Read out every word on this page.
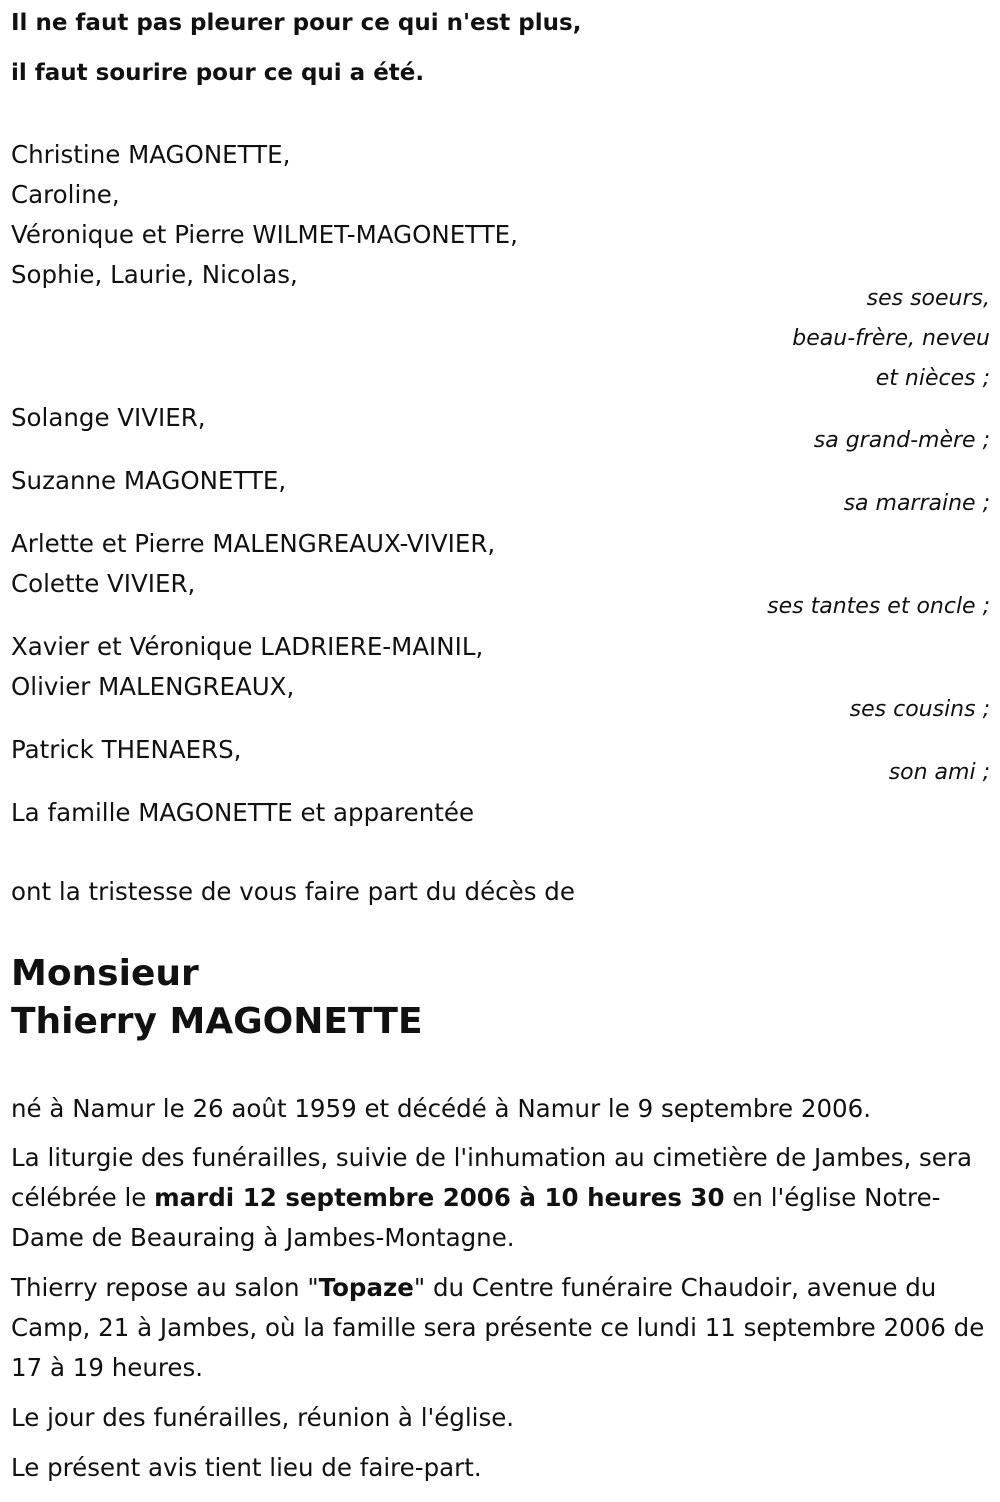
Il ne faut pas pleurer pour ce qui n'est plus,
il faut sourire pour ce qui a été.
Christine MAGONETTE,
Caroline,
Véronique et Pierre WILMET-MAGONETTE,
Sophie, Laurie, Nicolas,
ses soeurs,
beau-frère, neveu
et nièces ;
Solange VIVIER,
sa grand-mère ;
Suzanne MAGONETTE,
sa marraine ;
Arlette et Pierre MALENGREAUX-VIVIER,
Colette VIVIER,
ses tantes et oncle ;
Xavier et Véronique LADRIERE-MAINIL,
Olivier MALENGREAUX,
ses cousins ;
Patrick THENAERS,
son ami ;
La famille MAGONETTE et apparentée
ont la tristesse de vous faire part du décès de
Monsieur
Thierry MAGONETTE
né à Namur le 26 août 1959 et décédé à Namur le 9 septembre 2006.
La liturgie des funérailles, suivie de l'inhumation au cimetière de Jambes, sera célébrée le mardi 12 septembre 2006 à 10 heures 30 en l'église Notre-Dame de Beauraing à Jambes-Montagne.
Thierry repose au salon "Topaze" du Centre funéraire Chaudoir, avenue du Camp, 21 à Jambes, où la famille sera présente ce lundi 11 septembre 2006 de 17 à 19 heures.
Le jour des funérailles, réunion à l'église.
Le présent avis tient lieu de faire-part.
